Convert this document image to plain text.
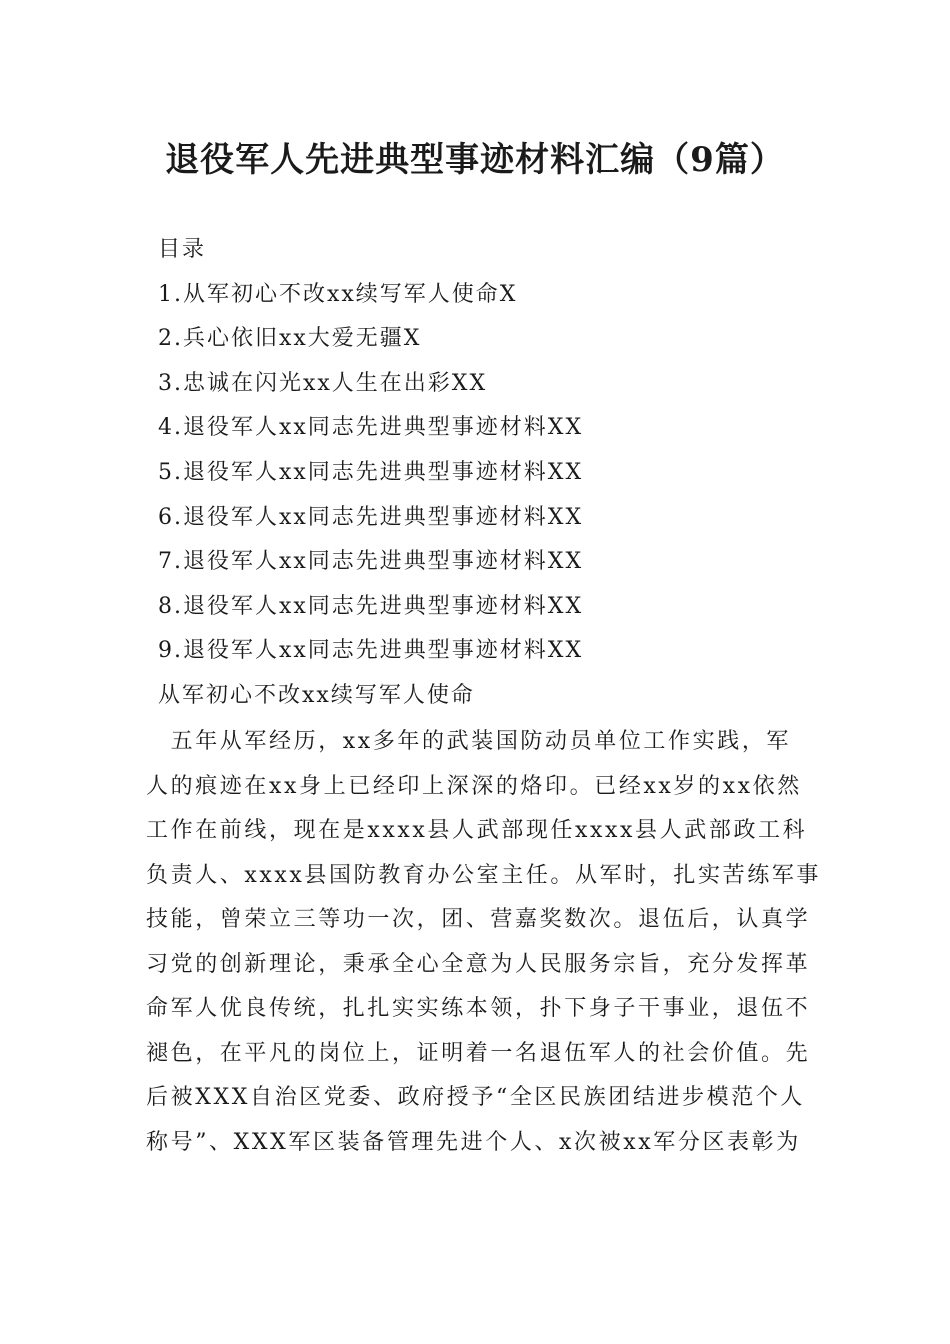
退役军人先进典型事迹材料汇编（9篇）
目录
1.从军初心不改xx续写军人使命X
2.兵心依旧xx大爱无疆X
3.忠诚在闪光xx人生在出彩XX
4.退役军人xx同志先进典型事迹材料XX
5.退役军人xx同志先进典型事迹材料XX
6.退役军人xx同志先进典型事迹材料XX
7.退役军人xx同志先进典型事迹材料XX
8.退役军人xx同志先进典型事迹材料XX
9.退役军人xx同志先进典型事迹材料XX
从军初心不改xx续写军人使命
　五年从军经历，xx多年的武装国防动员单位工作实践，军
人的痕迹在xx身上已经印上深深的烙印。已经xx岁的xx依然
工作在前线，现在是xxxx县人武部现任xxxx县人武部政工科
负责人、xxxx县国防教育办公室主任。从军时，扎实苦练军事
技能，曾荣立三等功一次，团、营嘉奖数次。退伍后，认真学
习党的创新理论，秉承全心全意为人民服务宗旨，充分发挥革
命军人优良传统，扎扎实实练本领，扑下身子干事业，退伍不
褪色，在平凡的岗位上，证明着一名退伍军人的社会价值。先
后被XXX自治区党委、政府授予“全区民族团结进步模范个人
称号”、XXX军区装备管理先进个人、x次被xx军分区表彰为
